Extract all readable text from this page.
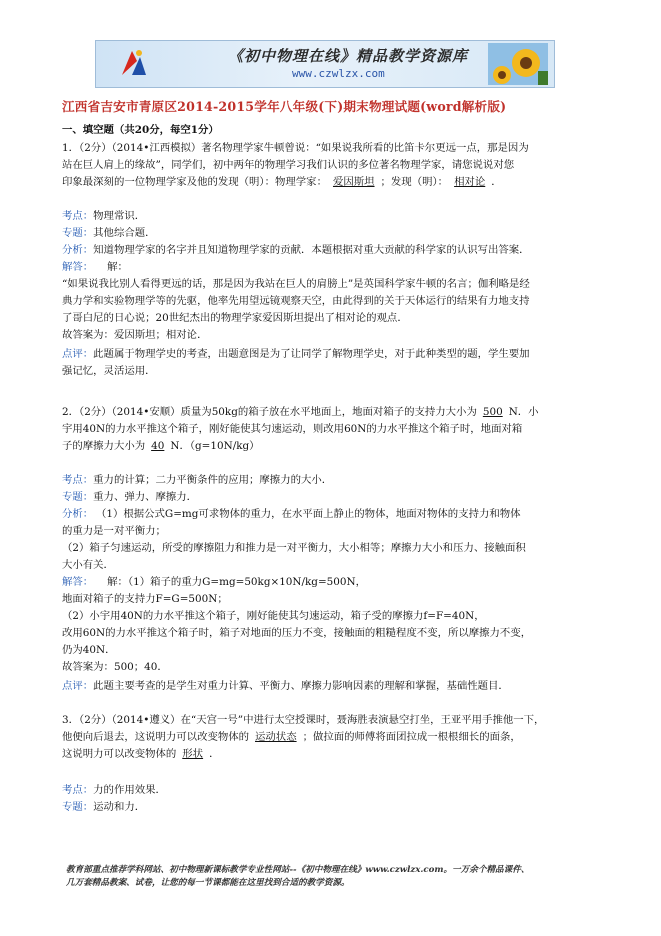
《初中物理在线》精品教学资源库
www.czwlzx.com
江西省吉安市青原区2014-2015学年八年级(下)期末物理试题(word解析版)
一、填空题（共20分，每空1分）
1．（2分）（2014•江西模拟）著名物理学家牛顿曾说：“如果说我所看的比笛卡尔更远一点，那是因为
站在巨人肩上的缘故”，同学们，初中两年的物理学习我们认识的多位著名物理学家，请您说说对您
印象最深刻的一位物理学家及他的发现（明）：物理学家： 爱因斯坦 ；发现（明）： 相对论 ．
考点：物理常识．
专题：其他综合题．
分析：知道物理学家的名字并且知道物理学家的贡献．本题根据对重大贡献的科学家的认识写出答案．
解答： 解：
“如果说我比别人看得更远的话，那是因为我站在巨人的肩膀上”是英国科学家牛顿的名言；伽利略是经
典力学和实验物理学等的先驱，他率先用望远镜观察天空，由此得到的关于天体运行的结果有力地支持
了哥白尼的日心说；20世纪杰出的物理学家爱因斯坦提出了相对论的观点．
故答案为：爱因斯坦；相对论．
点评：此题属于物理学史的考查，出题意图是为了让同学了解物理学史，对于此种类型的题，学生要加
强记忆，灵活运用．
2．（2分）（2014•安顺）质量为50kg的箱子放在水平地面上，地面对箱子的支持力大小为 500 N．小
宇用40N的力水平推这个箱子，刚好能使其匀速运动，则改用60N的力水平推这个箱子时，地面对箱
子的摩擦力大小为 40 N．（g=10N/kg）
考点：重力的计算；二力平衡条件的应用；摩擦力的大小．
专题：重力、弹力、摩擦力．
分析： （1）根据公式G=mg可求物体的重力，在水平面上静止的物体，地面对物体的支持力和物体
的重力是一对平衡力；
（2）箱子匀速运动，所受的摩擦阻力和推力是一对平衡力，大小相等；摩擦力大小和压力、接触面积
大小有关．
解答： 解：（1）箱子的重力G=mg=50kg×10N/kg=500N，
地面对箱子的支持力F=G=500N；
（2）小宇用40N的力水平推这个箱子，刚好能使其匀速运动，箱子受的摩擦力f=F=40N，
改用60N的力水平推这个箱子时，箱子对地面的压力不变，接触面的粗糙程度不变，所以摩擦力不变，
仍为40N．
故答案为：500；40．
点评：此题主要考查的是学生对重力计算、平衡力、摩擦力影响因素的理解和掌握，基础性题目．
3．（2分）（2014•遵义）在“天宫一号”中进行太空授课时，聂海胜表演悬空打坐，王亚平用手推他一下，
他便向后退去，这说明力可以改变物体的 运动状态 ；做拉面的师傅将面团拉成一根根细长的面条，
这说明力可以改变物体的 形状 ．
考点：力的作用效果．
专题：运动和力．
教育部重点推荐学科网站、初中物理新课标教学专业性网站--《初中物理在线》www.czwlzx.com。一万余个精品课件、
几万套精品教案、试卷，让您的每一节课都能在这里找到合适的教学资源。
